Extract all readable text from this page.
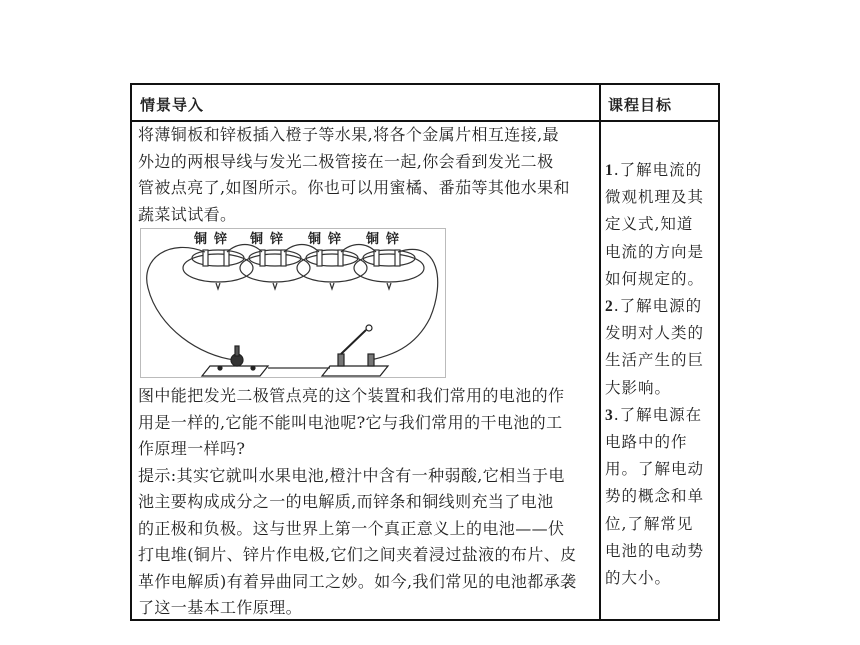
情景导入	课程目标
将薄铜板和锌板插入橙子等水果,将各个金属片相互连接,最
外边的两根导线与发光二极管接在一起,你会看到发光二极
管被点亮了,如图所示。你也可以用蜜橘、番茄等其他水果和
蔬菜试试看。
铜 锌 铜 锌 铜 锌 铜 锌
图中能把发光二极管点亮的这个装置和我们常用的电池的作
用是一样的,它能不能叫电池呢?它与我们常用的干电池的工
作原理一样吗?
提示:其实它就叫水果电池,橙汁中含有一种弱酸,它相当于电
池主要构成成分之一的电解质,而锌条和铜线则充当了电池
的正极和负极。这与世界上第一个真正意义上的电池——伏
打电堆(铜片、锌片作电极,它们之间夹着浸过盐液的布片、皮
革作电解质)有着异曲同工之妙。如今,我们常见的电池都承袭
了这一基本工作原理。
1.了解电流的
微观机理及其
定义式,知道
电流的方向是
如何规定的。
2.了解电源的
发明对人类的
生活产生的巨
大影响。
3.了解电源在
电路中的作
用。了解电动
势的概念和单
位,了解常见
电池的电动势
的大小。
